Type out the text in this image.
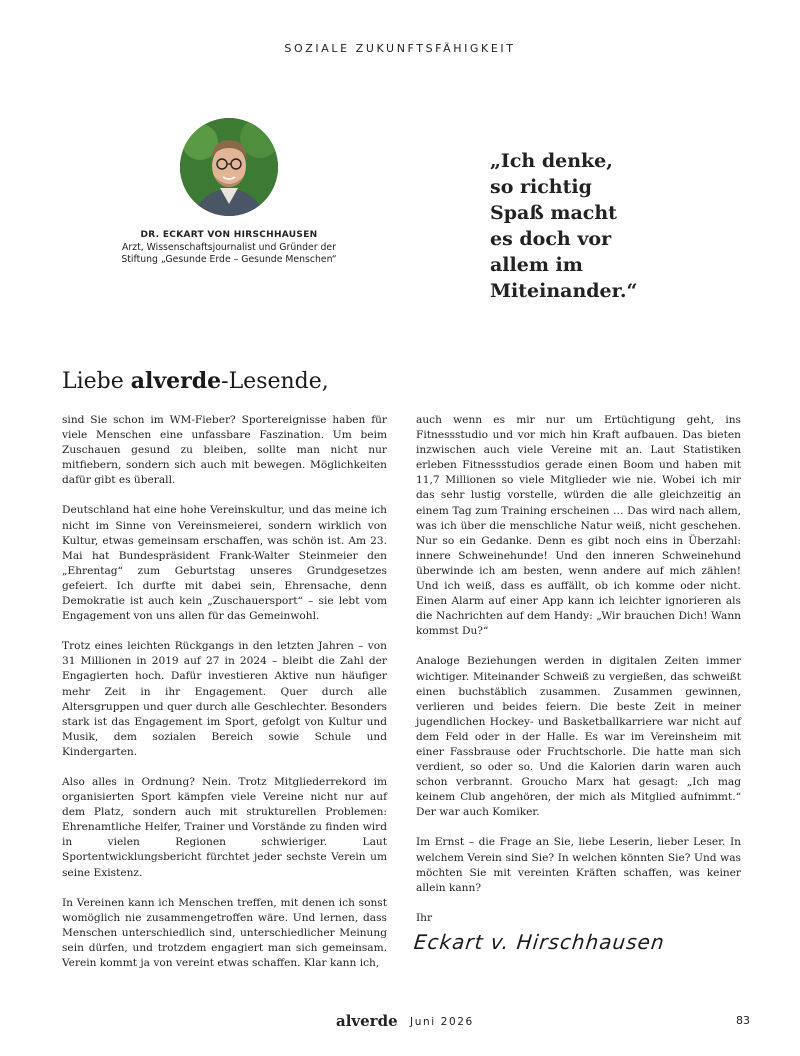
SOZIALE ZUKUNFTSFÄHIGKEIT
DR. ECKART VON HIRSCHHAUSEN
Arzt, Wissenschaftsjournalist und Gründer der Stiftung „Gesunde Erde – Gesunde Menschen“
„Ich denke,
so richtig
Spaß macht
es doch vor
allem im
Miteinander.“
Liebe alverde-Lesende,

sind Sie schon im WM-Fieber? Sportereignisse haben für viele Menschen eine unfassbare Faszination. Um beim Zuschauen gesund zu bleiben, sollte man nicht nur mitfiebern, sondern sich auch mit bewegen. Möglichkeiten dafür gibt es überall.

Deutschland hat eine hohe Vereinskultur, und das meine ich nicht im Sinne von Vereinsmeierei, sondern wirklich von Kultur, etwas gemeinsam erschaffen, was schön ist. Am 23. Mai hat Bundespräsident Frank-Walter Steinmeier den „Ehrentag“ zum Geburtstag unseres Grundgesetzes gefeiert. Ich durfte mit dabei sein, Ehrensache, denn Demokratie ist auch kein „Zuschauersport“ – sie lebt vom Engagement von uns allen für das Gemeinwohl.

Trotz eines leichten Rückgangs in den letzten Jahren – von 31 Millionen in 2019 auf 27 in 2024 – bleibt die Zahl der Engagierten hoch. Dafür investieren Aktive nun häufiger mehr Zeit in ihr Engagement. Quer durch alle Altersgruppen und quer durch alle Geschlechter. Besonders stark ist das Engagement im Sport, gefolgt von Kultur und Musik, dem sozialen Bereich sowie Schule und Kindergarten.

Also alles in Ordnung? Nein. Trotz Mitgliederrekord im organisierten Sport kämpfen viele Vereine nicht nur auf dem Platz, sondern auch mit strukturellen Problemen: Ehrenamtliche Helfer, Trainer und Vorstände zu finden wird in vielen Regionen schwieriger. Laut Sportentwicklungsbericht fürchtet jeder sechste Verein um seine Existenz.

In Vereinen kann ich Menschen treffen, mit denen ich sonst womöglich nie zusammengetroffen wäre. Und lernen, dass Menschen unterschiedlich sind, unterschiedlicher Meinung sein dürfen, und trotzdem engagiert man sich gemeinsam. Verein kommt ja von vereint etwas schaffen. Klar kann ich,

auch wenn es mir nur um Ertüchtigung geht, ins Fitnessstudio und vor mich hin Kraft aufbauen. Das bieten inzwischen auch viele Vereine mit an. Laut Statistiken erleben Fitnessstudios gerade einen Boom und haben mit 11,7 Millionen so viele Mitglieder wie nie. Wobei ich mir das sehr lustig vorstelle, würden die alle gleichzeitig an einem Tag zum Training erscheinen … Das wird nach allem, was ich über die menschliche Natur weiß, nicht geschehen. Nur so ein Gedanke. Denn es gibt noch eins in Überzahl: innere Schweinehunde! Und den inneren Schweinehund überwinde ich am besten, wenn andere auf mich zählen! Und ich weiß, dass es auffällt, ob ich komme oder nicht. Einen Alarm auf einer App kann ich leichter ignorieren als die Nachrichten auf dem Handy: „Wir brauchen Dich! Wann kommst Du?“

Analoge Beziehungen werden in digitalen Zeiten immer wichtiger. Miteinander Schweiß zu vergießen, das schweißt einen buchstäblich zusammen. Zusammen gewinnen, verlieren und beides feiern. Die beste Zeit in meiner jugendlichen Hockey- und Basketballkarriere war nicht auf dem Feld oder in der Halle. Es war im Vereinsheim mit einer Fassbrause oder Fruchtschorle. Die hatte man sich verdient, so oder so. Und die Kalorien darin waren auch schon verbrannt. Groucho Marx hat gesagt: „Ich mag keinem Club angehören, der mich als Mitglied aufnimmt.“ Der war auch Komiker.

Im Ernst – die Frage an Sie, liebe Leserin, lieber Leser. In welchem Verein sind Sie? In welchen könnten Sie? Und was möchten Sie mit vereinten Kräften schaffen, was keiner allein kann?

Ihr

Eckart v. Hirschhausen
alverde Juni 2026	83
